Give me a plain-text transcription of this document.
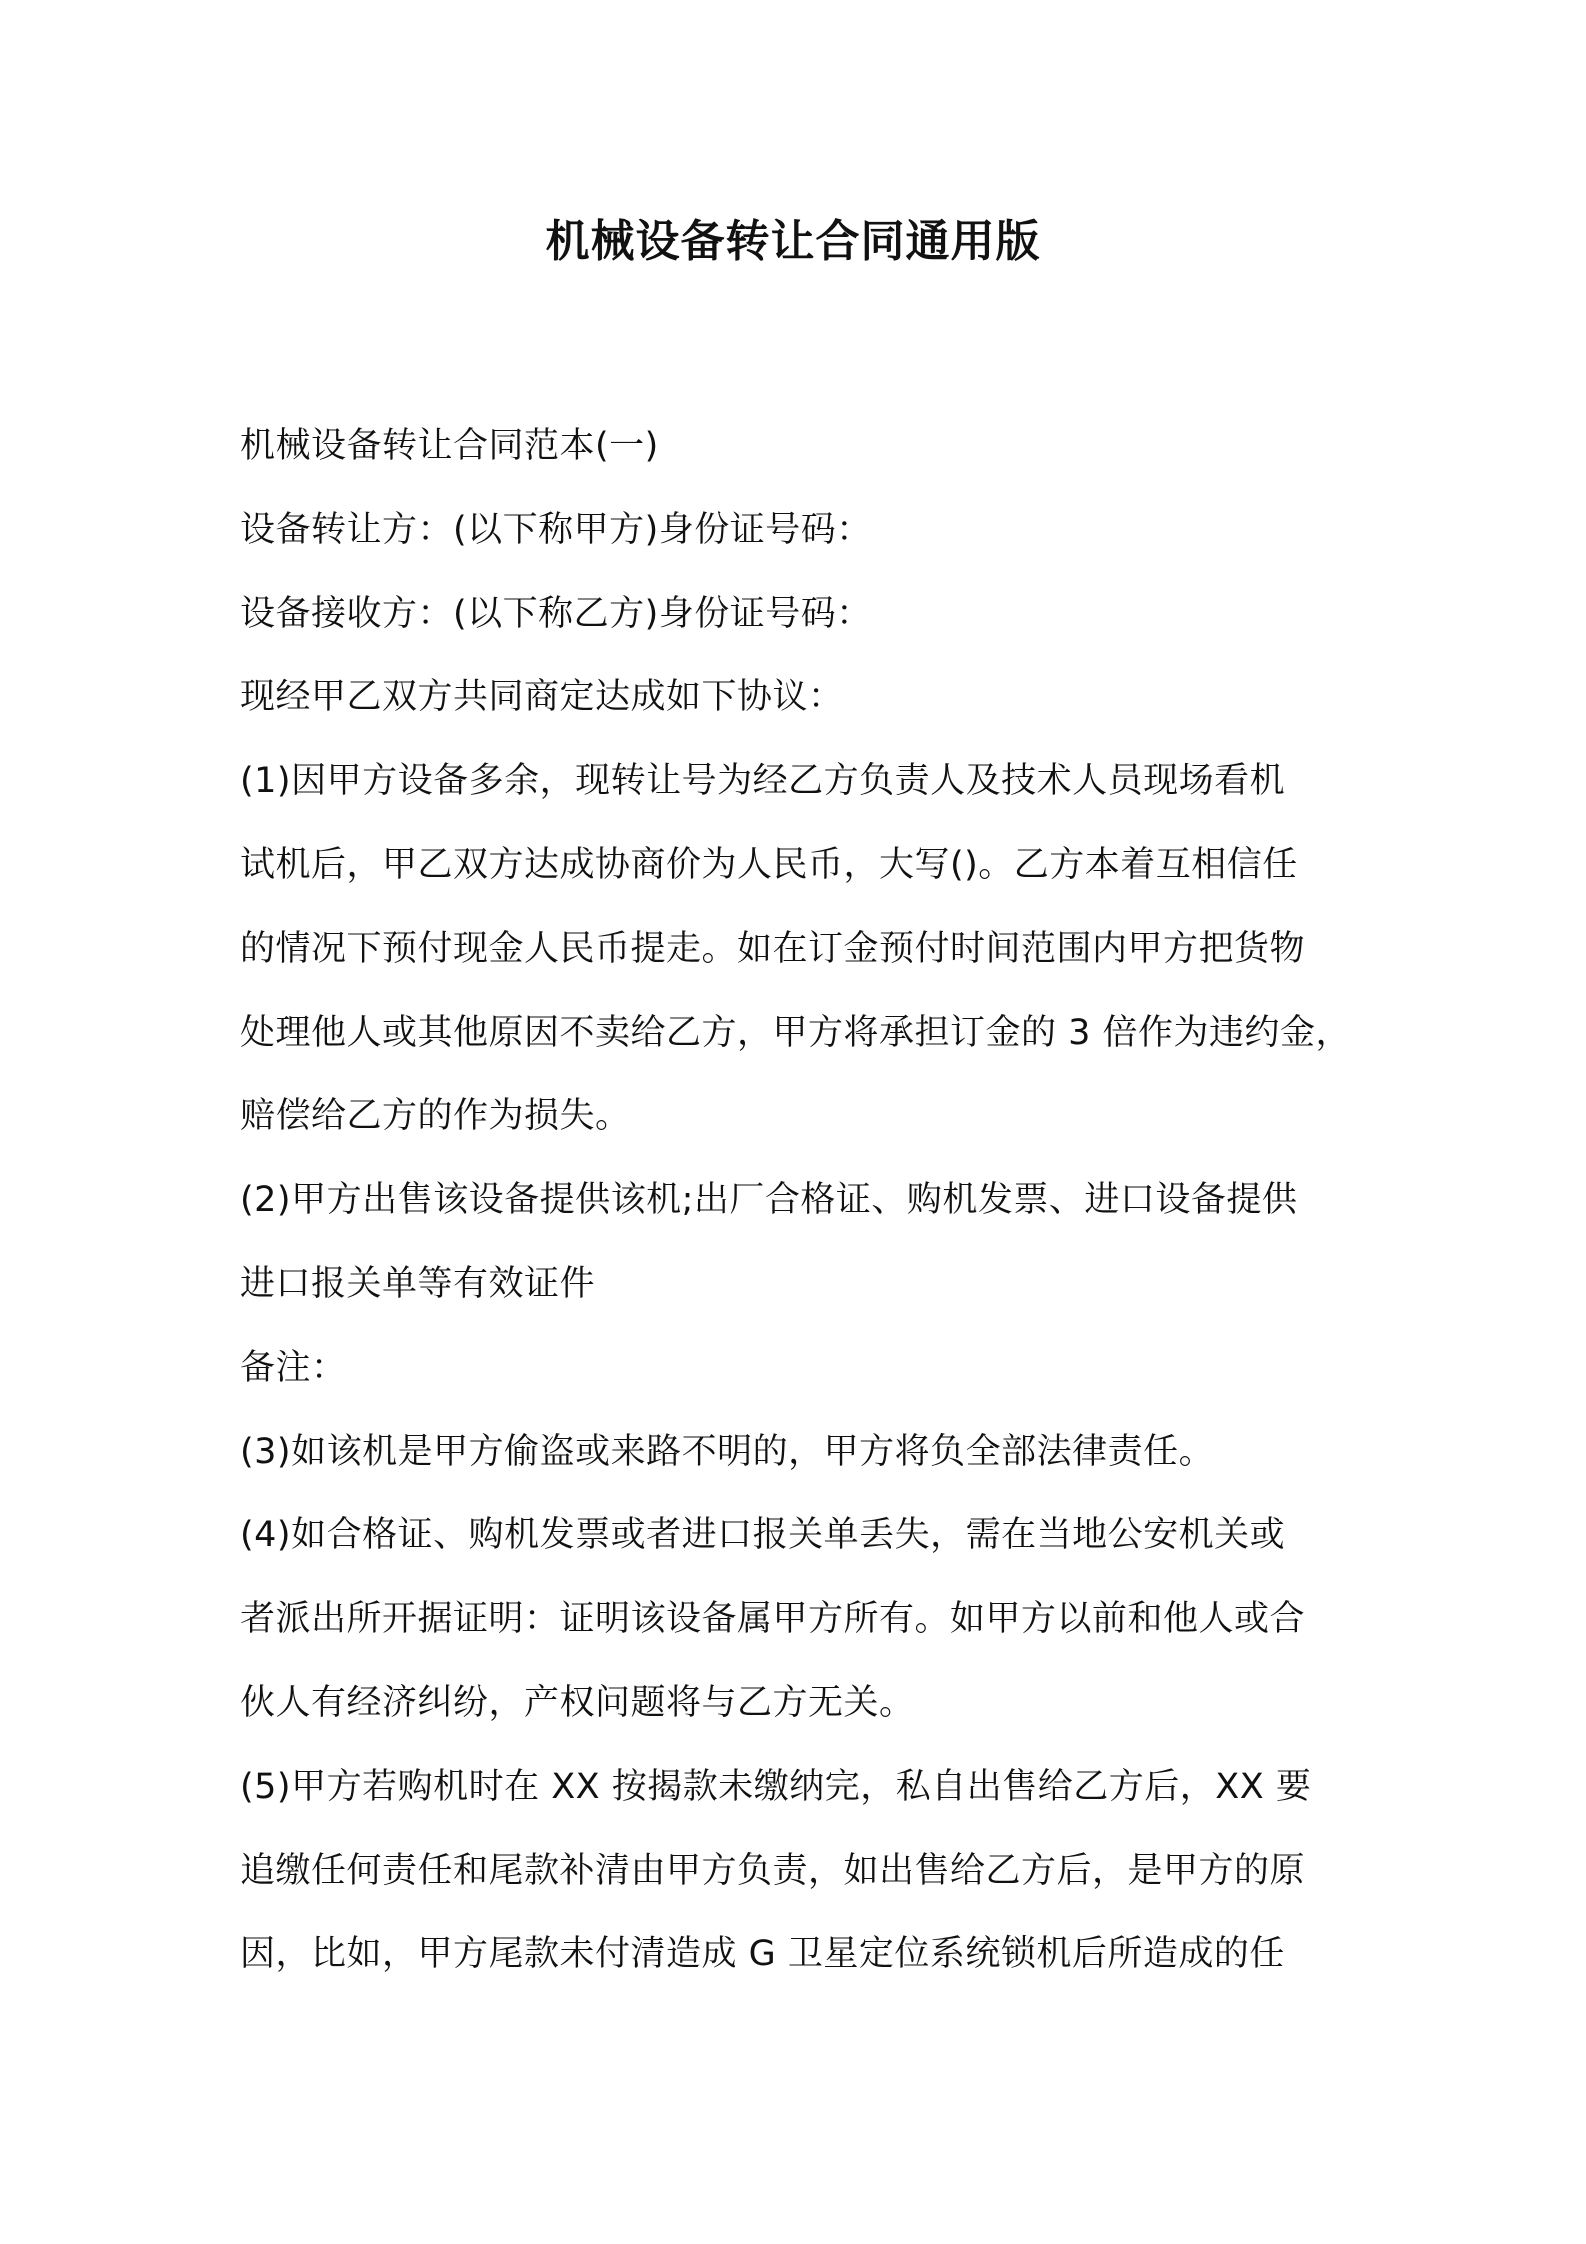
机械设备转让合同通用版
机械设备转让合同范本(一)
设备转让方：(以下称甲方)身份证号码：
设备接收方：(以下称乙方)身份证号码：
现经甲乙双方共同商定达成如下协议：
(1)因甲方设备多余，现转让号为经乙方负责人及技术人员现场看机
试机后，甲乙双方达成协商价为人民币，大写()。乙方本着互相信任
的情况下预付现金人民币提走。如在订金预付时间范围内甲方把货物
处理他人或其他原因不卖给乙方，甲方将承担订金的 3 倍作为违约金，
赔偿给乙方的作为损失。
(2)甲方出售该设备提供该机;出厂合格证、购机发票、进口设备提供
进口报关单等有效证件
备注：
(3)如该机是甲方偷盗或来路不明的，甲方将负全部法律责任。
(4)如合格证、购机发票或者进口报关单丢失，需在当地公安机关或
者派出所开据证明：证明该设备属甲方所有。如甲方以前和他人或合
伙人有经济纠纷，产权问题将与乙方无关。
(5)甲方若购机时在 XX 按揭款未缴纳完，私自出售给乙方后，XX 要
追缴任何责任和尾款补清由甲方负责，如出售给乙方后，是甲方的原
因，比如，甲方尾款未付清造成 G 卫星定位系统锁机后所造成的任
